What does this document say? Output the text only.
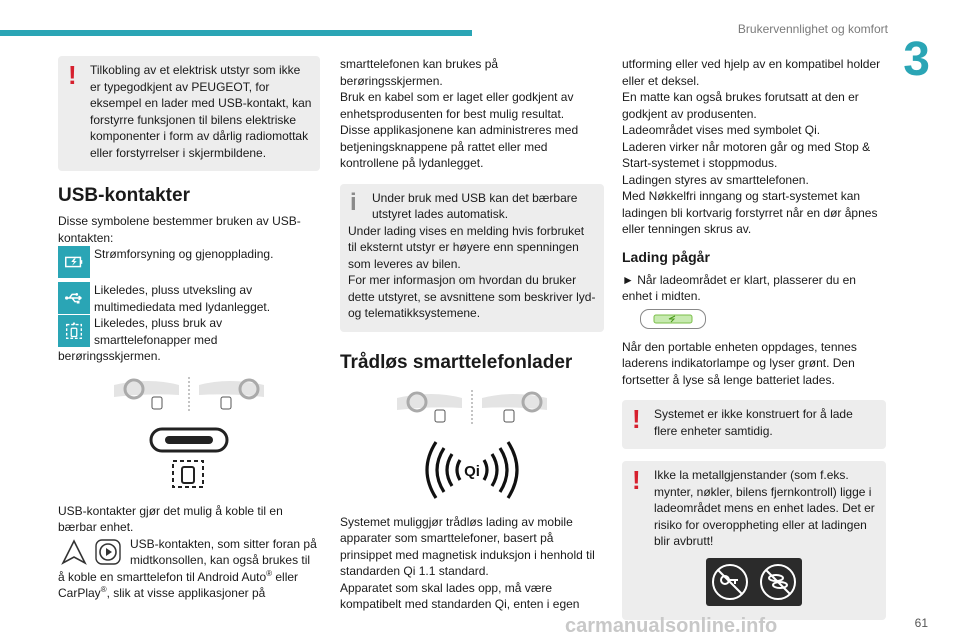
Brukervennlighet og komfort
3
!	Tilkobling av et elektrisk utstyr som ikke er typegodkjent av PEUGEOT, for eksempel en lader med USB-kontakt, kan forstyrre funksjonen til bilens elektriske komponenter i form av dårlig radiomottak eller forstyrrelser i skjermbildene.

USB-kontakter

Disse symbolene bestemmer bruken av USB-kontakten:

Strømforsyning og gjenopplading.
Likeledes, pluss utveksling av multimediedata med lydanlegget.
Likeledes, pluss bruk av smarttelefonapper med berøringsskjermen.

USB-kontakter gjør det mulig å koble til en bærbar enhet.

USB-kontakten, som sitter foran på midtkonsollen, kan også brukes til å koble en smarttelefon til Android Auto® eller CarPlay®, slik at visse applikasjoner på

smarttelefonen kan brukes på berøringsskjermen.

Bruk en kabel som er laget eller godkjent av enhetsprodusenten for best mulig resultat.

Disse applikasjonene kan administreres med betjeningsknappene på rattet eller med kontrollene på lydanlegget.

i	Under bruk med USB kan det bærbare utstyret lades automatisk.

Under lading vises en melding hvis forbruket til eksternt utstyr er høyere enn spenningen som leveres av bilen.

For mer informasjon om hvordan du bruker dette utstyret, se avsnittene som beskriver lyd- og telematikksystemene.

Trådløs smarttelefonlader
Qi

Systemet muliggjør trådløs lading av mobile apparater som smarttelefoner, basert på prinsippet med magnetisk induksjon i henhold til standarden Qi 1.1 standard.

Apparatet som skal lades opp, må være kompatibelt med standarden Qi, enten i egen

utforming eller ved hjelp av en kompatibel holder eller et deksel.

En matte kan også brukes forutsatt at den er godkjent av produsenten.

Ladeområdet vises med symbolet Qi.

Laderen virker når motoren går og med Stop & Start-systemet i stoppmodus.

Ladingen styres av smarttelefonen.

Med Nøkkelfri inngang og start-systemet kan ladingen bli kortvarig forstyrret når en dør åpnes eller tenningen skrus av.

Lading pågår

► Når ladeområdet er klart, plasserer du en enhet i midten.

Når den portable enheten oppdages, tennes laderens indikatorlampe og lyser grønt. Den fortsetter å lyse så lenge batteriet lades.

!	Systemet er ikke konstruert for å lade flere enheter samtidig.

!	Ikke la metallgjenstander (som f.eks. mynter, nøkler, bilens fjernkontroll) ligge i ladeområdet mens en enhet lades. Det er risiko for overoppheting eller at ladingen blir avbrutt!

carmanualsonline.info	61
